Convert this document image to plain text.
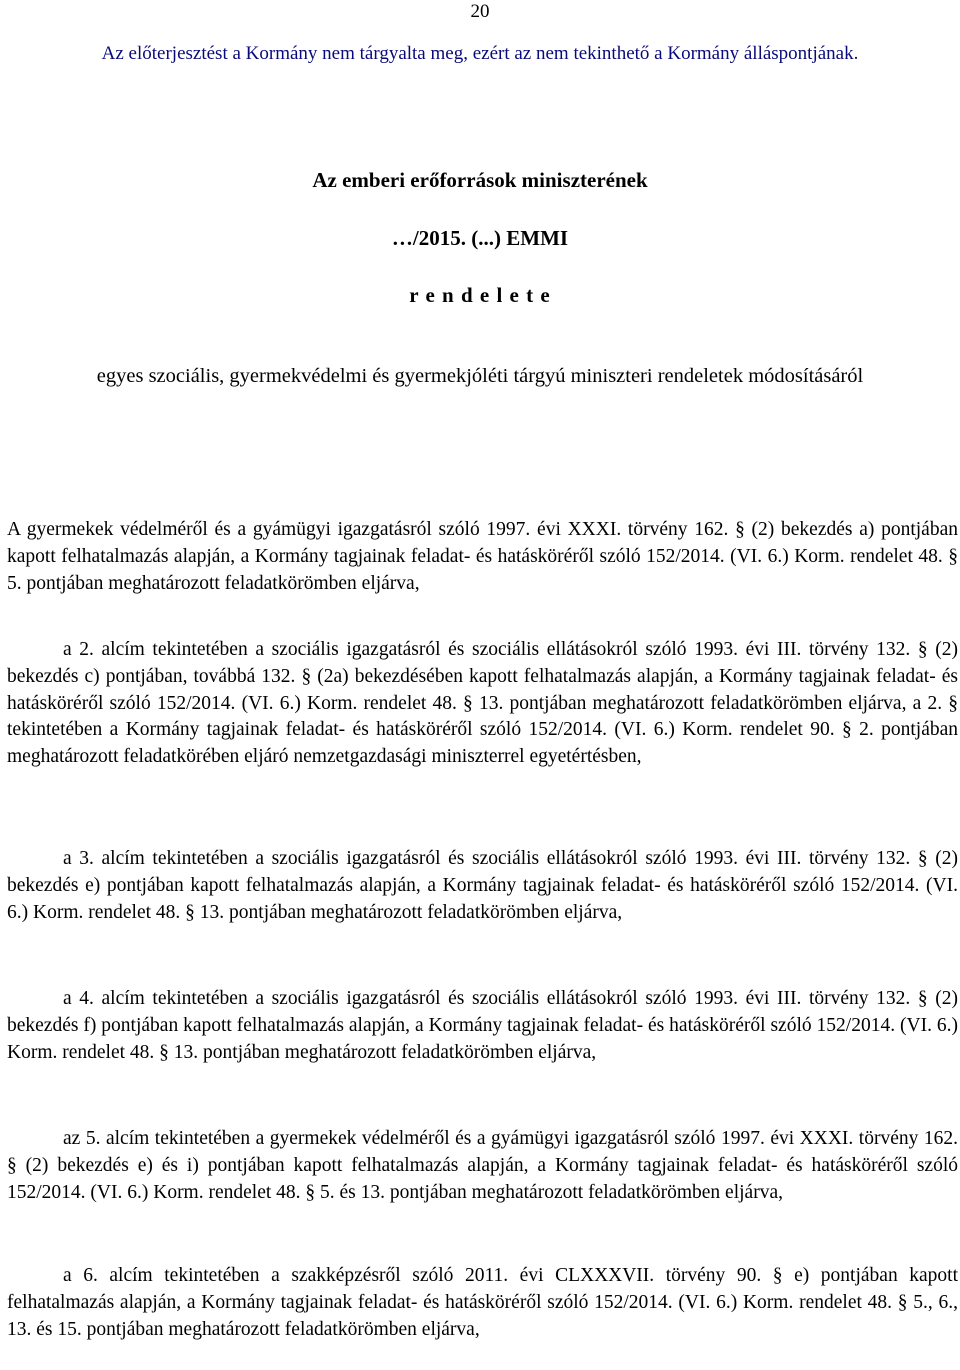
20
Az előterjesztést a Kormány nem tárgyalta meg, ezért az nem tekinthető a Kormány álláspontjának.
Az emberi erőforrások miniszterének
…/2015. (...) EMMI
r e n d e l e t e
egyes szociális, gyermekvédelmi és gyermekjóléti tárgyú miniszteri rendeletek módosításáról
A gyermekek védelméről és a gyámügyi igazgatásról szóló 1997. évi XXXI. törvény 162. § (2) bekezdés a) pontjában kapott felhatalmazás alapján, a Kormány tagjainak feladat- és hatásköréről szóló 152/2014. (VI. 6.) Korm. rendelet 48. § 5. pontjában meghatározott feladatkörömben eljárva,
a 2. alcím tekintetében a szociális igazgatásról és szociális ellátásokról szóló 1993. évi III. törvény 132. § (2) bekezdés c) pontjában, továbbá 132. § (2a) bekezdésében kapott felhatalmazás alapján, a Kormány tagjainak feladat- és hatásköréről szóló 152/2014. (VI. 6.) Korm. rendelet 48. § 13. pontjában meghatározott feladatkörömben eljárva, a 2. § tekintetében a Kormány tagjainak feladat- és hatásköréről szóló 152/2014. (VI. 6.) Korm. rendelet 90. § 2. pontjában meghatározott feladatkörében eljáró nemzetgazdasági miniszterrel egyetértésben,
a 3. alcím tekintetében a szociális igazgatásról és szociális ellátásokról szóló 1993. évi III. törvény 132. § (2) bekezdés e) pontjában kapott felhatalmazás alapján, a Kormány tagjainak feladat- és hatásköréről szóló 152/2014. (VI. 6.) Korm. rendelet 48. § 13. pontjában meghatározott feladatkörömben eljárva,
a 4. alcím tekintetében a szociális igazgatásról és szociális ellátásokról szóló 1993. évi III. törvény 132. § (2) bekezdés f) pontjában kapott felhatalmazás alapján, a Kormány tagjainak feladat- és hatásköréről szóló 152/2014. (VI. 6.) Korm. rendelet 48. § 13. pontjában meghatározott feladatkörömben eljárva,
az 5. alcím tekintetében a gyermekek védelméről és a gyámügyi igazgatásról szóló 1997. évi XXXI. törvény 162. § (2) bekezdés e) és i) pontjában kapott felhatalmazás alapján, a Kormány tagjainak feladat- és hatásköréről szóló 152/2014. (VI. 6.) Korm. rendelet 48. § 5. és 13. pontjában meghatározott feladatkörömben eljárva,
a 6. alcím tekintetében a szakképzésről szóló 2011. évi CLXXXVII. törvény 90. § e) pontjában kapott felhatalmazás alapján, a Kormány tagjainak feladat- és hatásköréről szóló 152/2014. (VI. 6.) Korm. rendelet 48. § 5., 6., 13. és 15. pontjában meghatározott feladatkörömben eljárva,
